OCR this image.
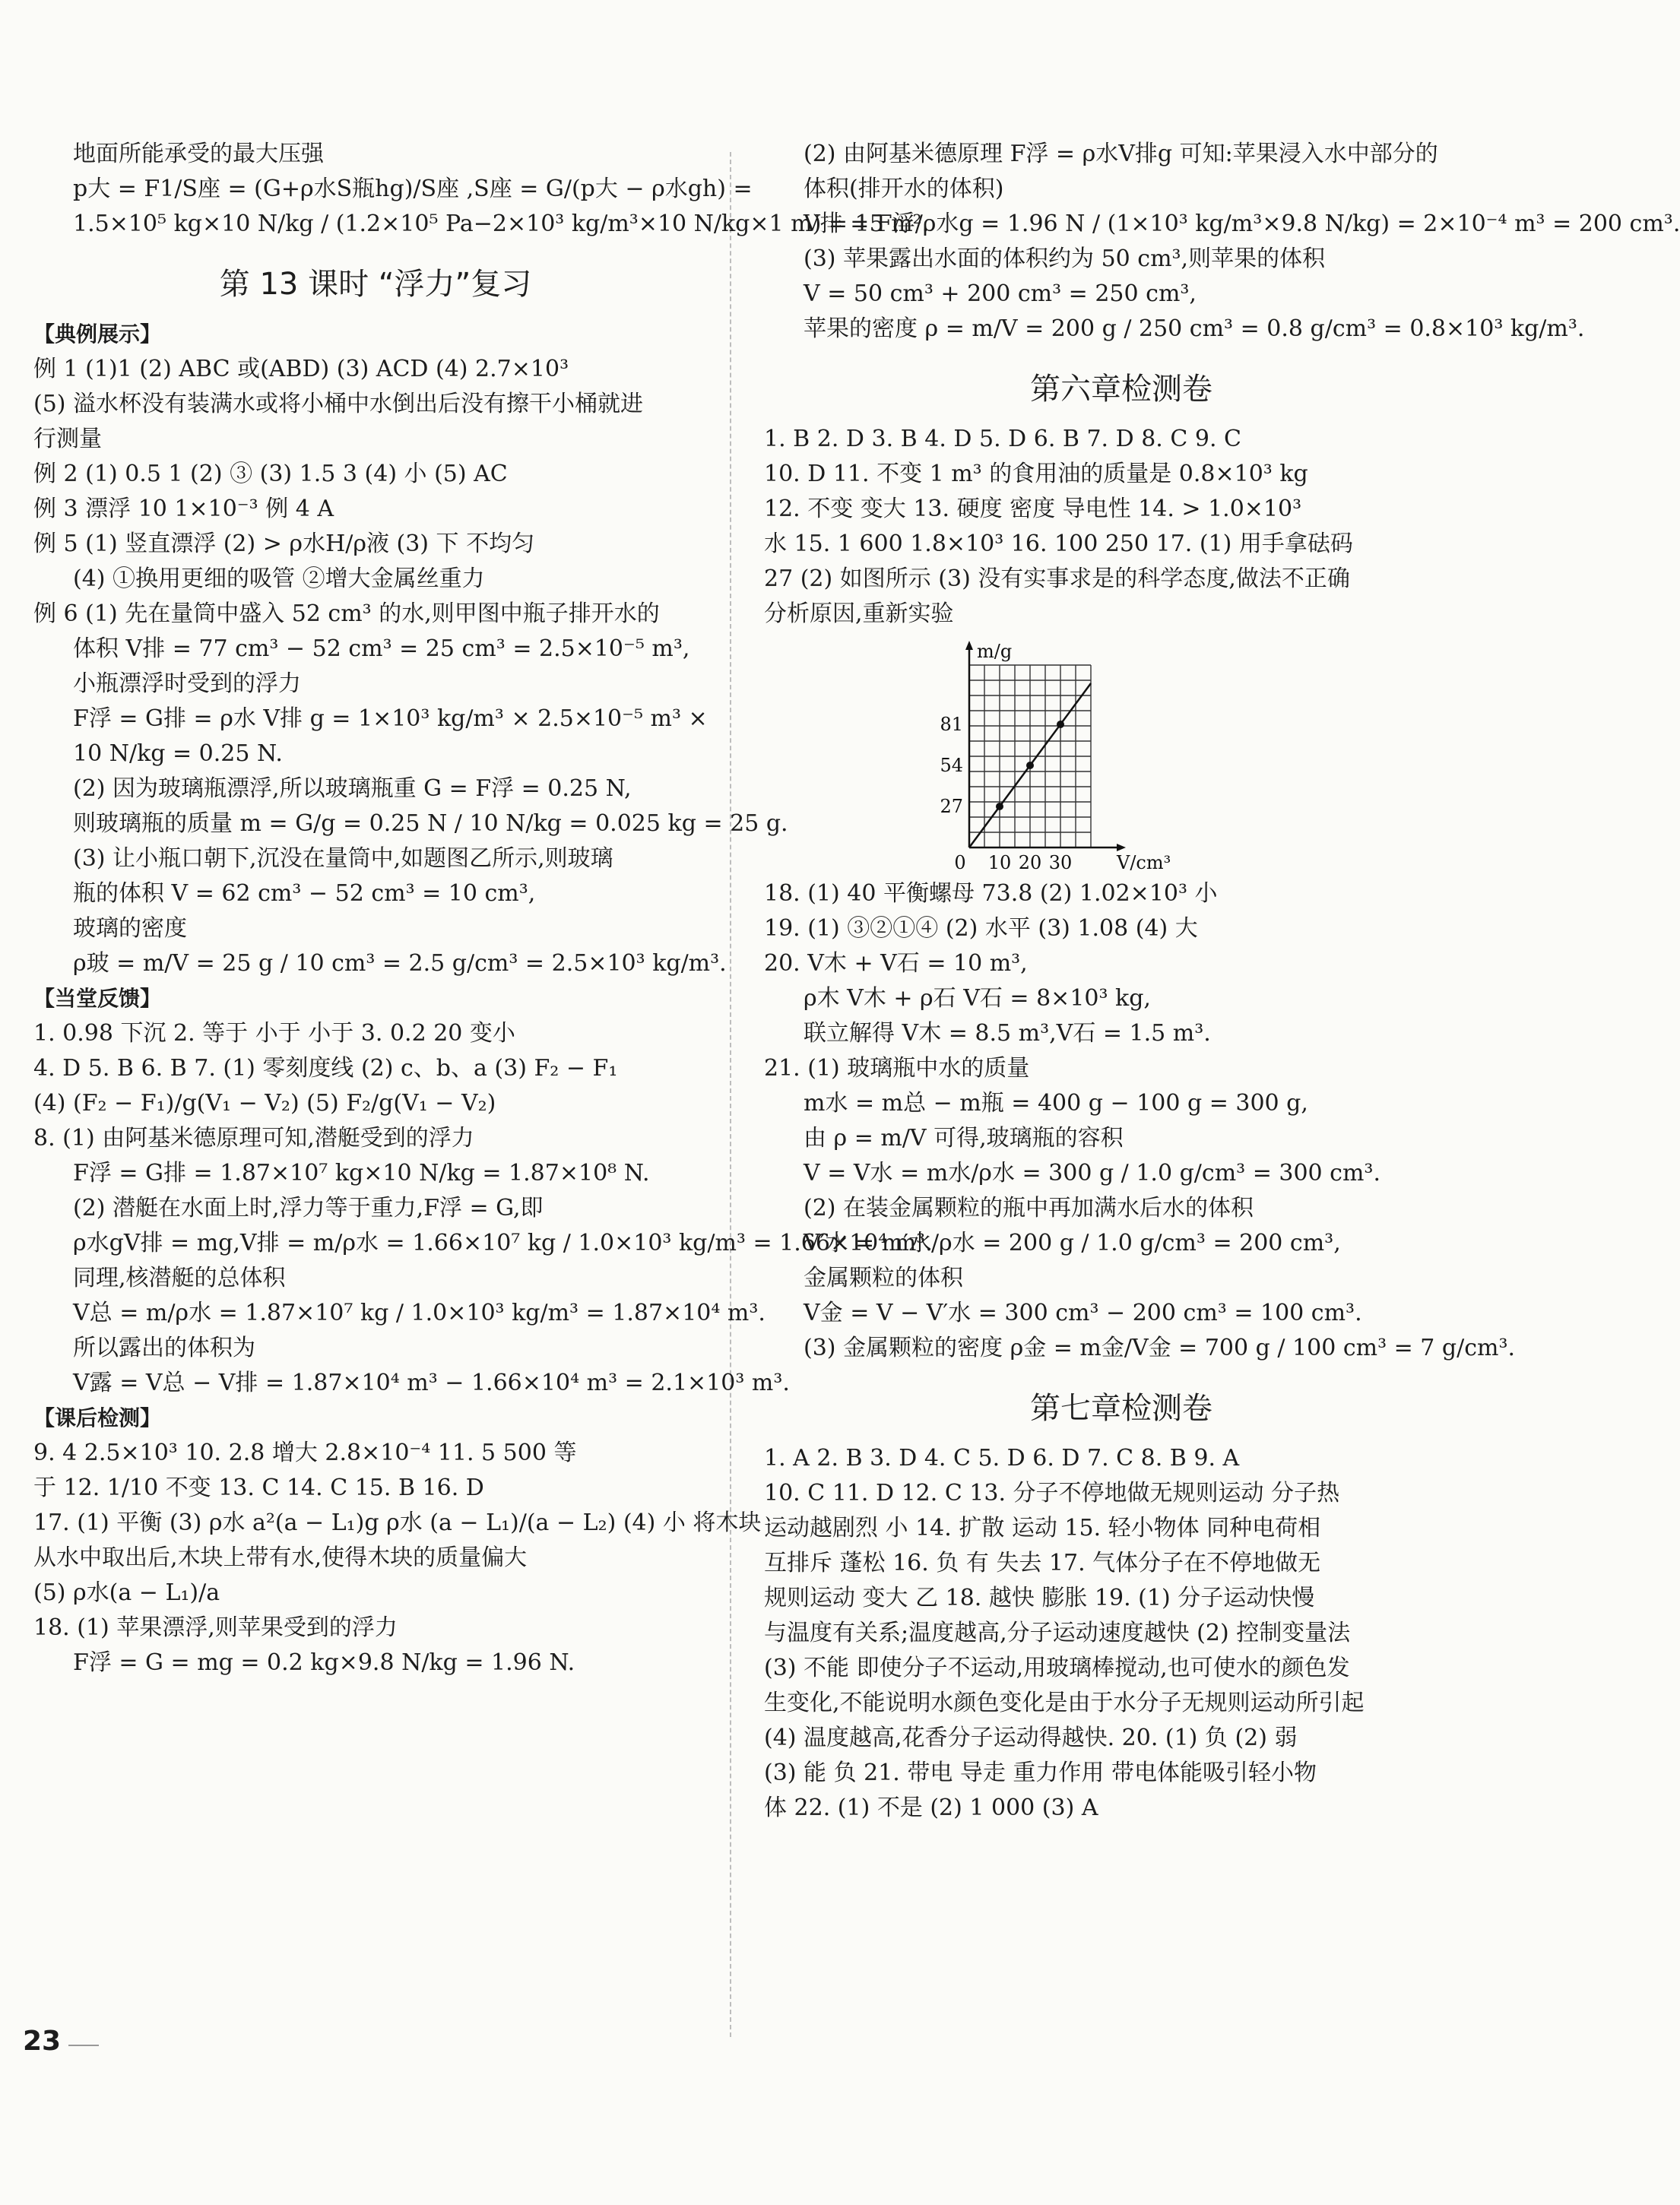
地面所能承受的最大压强
p大 = F1/S座 = (G+ρ水S瓶hg)/S座 ,S座 = G/(p大 − ρ水gh) =
1.5×10⁵ kg×10 N/kg / (1.2×10⁵ Pa−2×10³ kg/m³×10 N/kg×1 m) = 15 m².
第 13 课时 “浮力”复习
【典例展示】
例 1 (1)1 (2) ABC 或(ABD) (3) ACD (4) 2.7×10³
(5) 溢水杯没有装满水或将小桶中水倒出后没有擦干小桶就进
行测量
例 2 (1) 0.5 1 (2) ③ (3) 1.5 3 (4) 小 (5) AC
例 3 漂浮 10 1×10⁻³ 例 4 A
例 5 (1) 竖直漂浮 (2) > ρ水H/ρ液 (3) 下 不均匀
(4) ①换用更细的吸管 ②增大金属丝重力
例 6 (1) 先在量筒中盛入 52 cm³ 的水,则甲图中瓶子排开水的
体积 V排 = 77 cm³ − 52 cm³ = 25 cm³ = 2.5×10⁻⁵ m³,
小瓶漂浮时受到的浮力
F浮 = G排 = ρ水 V排 g = 1×10³ kg/m³ × 2.5×10⁻⁵ m³ ×
10 N/kg = 0.25 N.
(2) 因为玻璃瓶漂浮,所以玻璃瓶重 G = F浮 = 0.25 N,
则玻璃瓶的质量 m = G/g = 0.25 N / 10 N/kg = 0.025 kg = 25 g.
(3) 让小瓶口朝下,沉没在量筒中,如题图乙所示,则玻璃
瓶的体积 V = 62 cm³ − 52 cm³ = 10 cm³,
玻璃的密度
ρ玻 = m/V = 25 g / 10 cm³ = 2.5 g/cm³ = 2.5×10³ kg/m³.
【当堂反馈】
1. 0.98 下沉 2. 等于 小于 小于 3. 0.2 20 变小
4. D 5. B 6. B 7. (1) 零刻度线 (2) c、b、a (3) F₂ − F₁
(4) (F₂ − F₁)/g(V₁ − V₂) (5) F₂/g(V₁ − V₂)
8. (1) 由阿基米德原理可知,潜艇受到的浮力
F浮 = G排 = 1.87×10⁷ kg×10 N/kg = 1.87×10⁸ N.
(2) 潜艇在水面上时,浮力等于重力,F浮 = G,即
ρ水gV排 = mg,V排 = m/ρ水 = 1.66×10⁷ kg / 1.0×10³ kg/m³ = 1.66×10⁴ m³.
同理,核潜艇的总体积
V总 = m/ρ水 = 1.87×10⁷ kg / 1.0×10³ kg/m³ = 1.87×10⁴ m³.
所以露出的体积为
V露 = V总 − V排 = 1.87×10⁴ m³ − 1.66×10⁴ m³ = 2.1×10³ m³.
【课后检测】
9. 4 2.5×10³ 10. 2.8 增大 2.8×10⁻⁴ 11. 5 500 等
于 12. 1/10 不变 13. C 14. C 15. B 16. D
17. (1) 平衡 (3) ρ水 a²(a − L₁)g ρ水 (a − L₁)/(a − L₂) (4) 小 将木块
从水中取出后,木块上带有水,使得木块的质量偏大
(5) ρ水(a − L₁)/a
18. (1) 苹果漂浮,则苹果受到的浮力
F浮 = G = mg = 0.2 kg×9.8 N/kg = 1.96 N.
(2) 由阿基米德原理 F浮 = ρ水V排g 可知:苹果浸入水中部分的
体积(排开水的体积)
V排 = F浮/ρ水g = 1.96 N / (1×10³ kg/m³×9.8 N/kg) = 2×10⁻⁴ m³ = 200 cm³.
(3) 苹果露出水面的体积约为 50 cm³,则苹果的体积
V = 50 cm³ + 200 cm³ = 250 cm³,
苹果的密度 ρ = m/V = 200 g / 250 cm³ = 0.8 g/cm³ = 0.8×10³ kg/m³.
第六章检测卷
1. B 2. D 3. B 4. D 5. D 6. B 7. D 8. C 9. C
10. D 11. 不变 1 m³ 的食用油的质量是 0.8×10³ kg
12. 不变 变大 13. 硬度 密度 导电性 14. > 1.0×10³
水 15. 1 600 1.8×10³ 16. 100 250 17. (1) 用手拿砝码
27 (2) 如图所示 (3) 没有实事求是的科学态度,做法不正确
分析原因,重新实验
10 20 30
27
54
81
0	V/cm³
m/g
18. (1) 40 平衡螺母 73.8 (2) 1.02×10³ 小
19. (1) ③②①④ (2) 水平 (3) 1.08 (4) 大
20. V木 + V石 = 10 m³,
ρ木 V木 + ρ石 V石 = 8×10³ kg,
联立解得 V木 = 8.5 m³,V石 = 1.5 m³.
21. (1) 玻璃瓶中水的质量
m水 = m总 − m瓶 = 400 g − 100 g = 300 g,
由 ρ = m/V 可得,玻璃瓶的容积
V = V水 = m水/ρ水 = 300 g / 1.0 g/cm³ = 300 cm³.
(2) 在装金属颗粒的瓶中再加满水后水的体积
V′水 = m′水/ρ水 = 200 g / 1.0 g/cm³ = 200 cm³,
金属颗粒的体积
V金 = V − V′水 = 300 cm³ − 200 cm³ = 100 cm³.
(3) 金属颗粒的密度 ρ金 = m金/V金 = 700 g / 100 cm³ = 7 g/cm³.
第七章检测卷
1. A 2. B 3. D 4. C 5. D 6. D 7. C 8. B 9. A
10. C 11. D 12. C 13. 分子不停地做无规则运动 分子热
运动越剧烈 小 14. 扩散 运动 15. 轻小物体 同种电荷相
互排斥 蓬松 16. 负 有 失去 17. 气体分子在不停地做无
规则运动 变大 乙 18. 越快 膨胀 19. (1) 分子运动快慢
与温度有关系;温度越高,分子运动速度越快 (2) 控制变量法
(3) 不能 即使分子不运动,用玻璃棒搅动,也可使水的颜色发
生变化,不能说明水颜色变化是由于水分子无规则运动所引起
(4) 温度越高,花香分子运动得越快. 20. (1) 负 (2) 弱
(3) 能 负 21. 带电 导走 重力作用 带电体能吸引轻小物
体 22. (1) 不是 (2) 1 000 (3) A
23
